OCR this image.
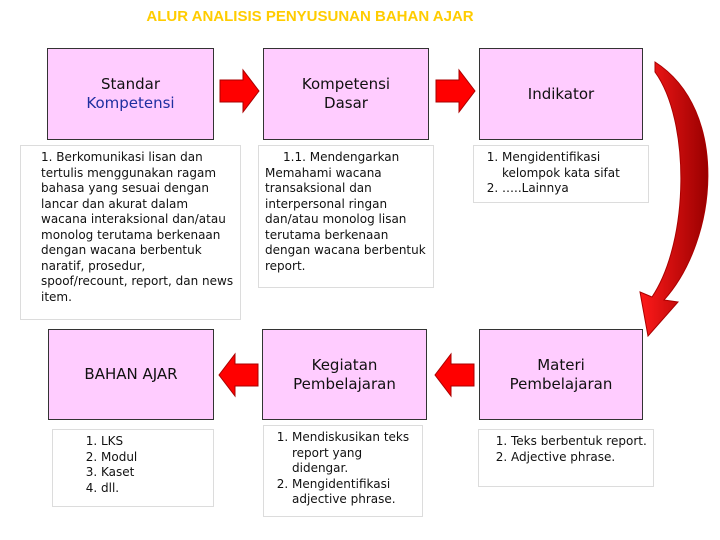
ALUR ANALISIS PENYUSUNAN BAHAN AJAR
Standar
Kompetensi
Kompetensi
Dasar
Indikator
Materi
Pembelajaran
Kegiatan
Pembelajaran
BAHAN AJAR

1. Berkomunikasi lisan dan tertulis menggunakan ragam bahasa yang sesuai dengan lancar dan akurat dalam wacana interaksional dan/atau monolog terutama berkenaan dengan wacana berbentuk naratif, prosedur, spoof/recount, report, dan news item.

1.1. Mendengarkan Memahami wacana transaksional dan interpersonal ringan dan/atau monolog lisan terutama berkenaan dengan wacana berbentuk report.

1. Mengidentifikasi kelompok kata sifat
2. …..Lainnya
1. Teks berbentuk report.
2. Adjective phrase.
1. Mendiskusikan teks report yang didengar.
2. Mengidentifikasi adjective phrase.
1. LKS
2. Modul
3. Kaset
4. dll.
